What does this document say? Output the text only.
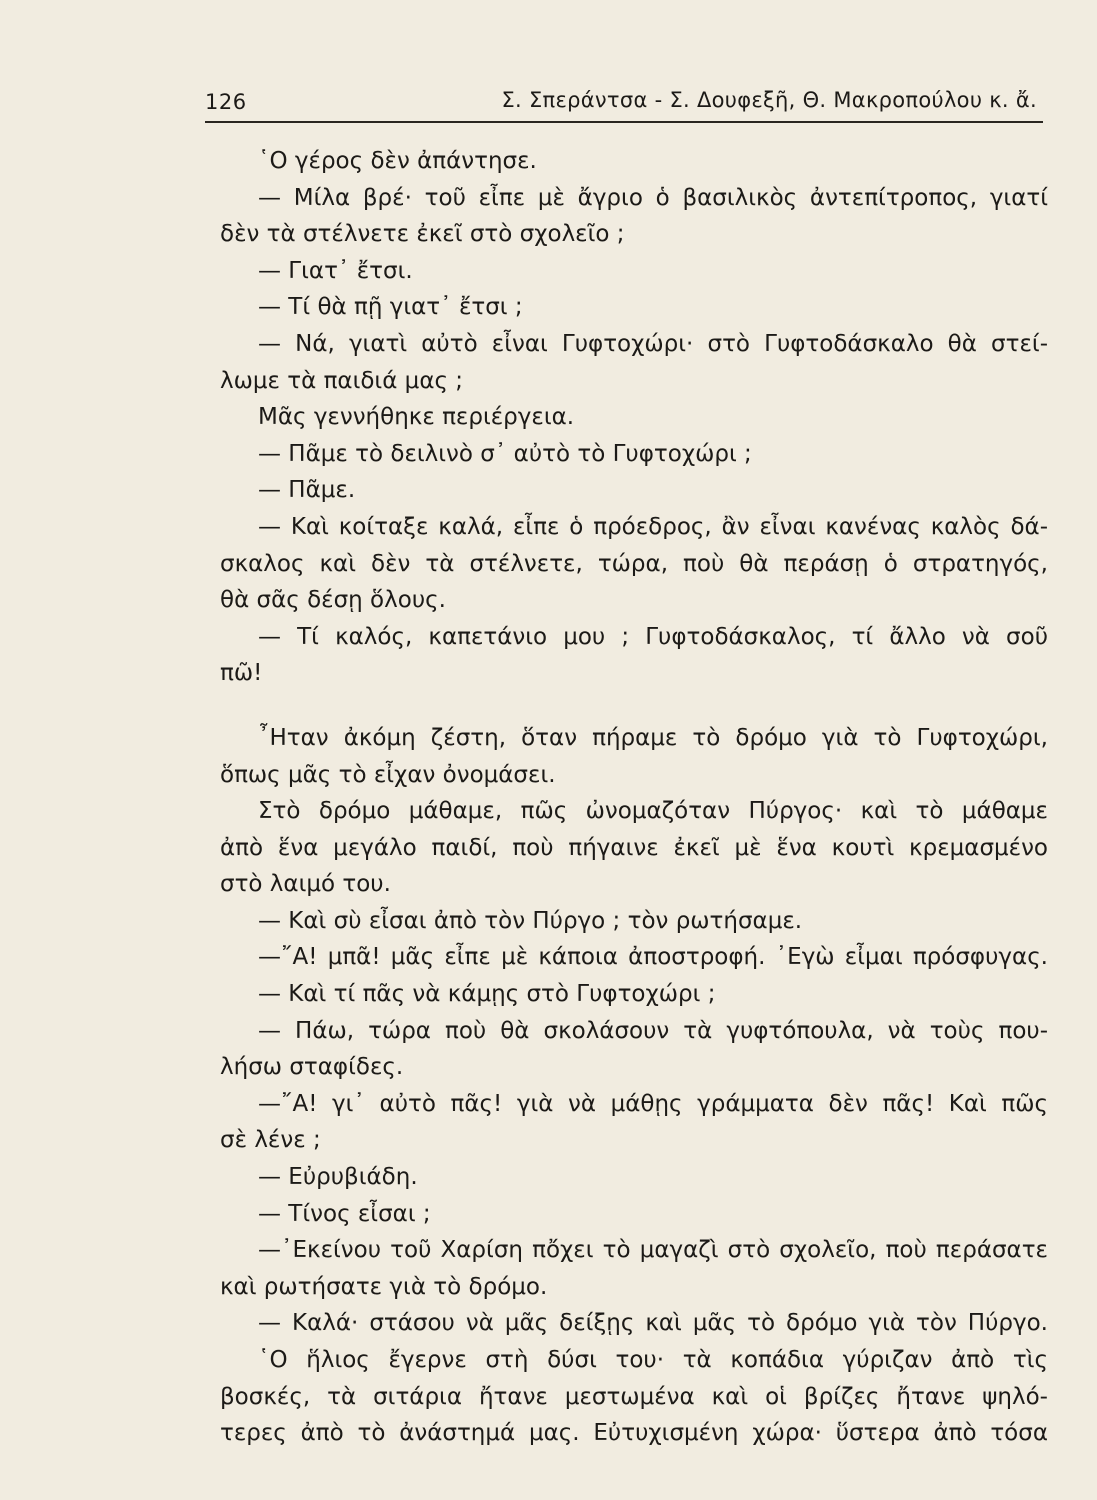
126	Σ. Σπεράντσα - Σ. Δουφεξῆ, Θ. Μακροπούλου κ. ἄ.
῾Ο γέρος δὲν ἀπάντησε.
— Μίλα βρέ· τοῦ εἶπε μὲ ἄγριο ὁ βασιλικὸς ἀντεπίτροπος, γιατί
δὲν τὰ στέλνετε ἐκεῖ στὸ σχολεῖο ;
— Γιατ᾽ ἔτσι.
— Τί θὰ πῇ γιατ᾽ ἔτσι ;
— Νά, γιατὶ αὐτὸ εἶναι Γυφτοχώρι· στὸ Γυφτοδάσκαλο θὰ στεί-
λωμε τὰ παιδιά μας ;
Μᾶς γεννήθηκε περιέργεια.
— Πᾶμε τὸ δειλινὸ σ᾽ αὐτὸ τὸ Γυφτοχώρι ;
— Πᾶμε.
— Καὶ κοίταξε καλά, εἶπε ὁ πρόεδρος, ἂν εἶναι κανένας καλὸς δά-
σκαλος καὶ δὲν τὰ στέλνετε, τώρα, ποὺ θὰ περάσῃ ὁ στρατηγός,
θὰ σᾶς δέσῃ ὅλους.
— Τί καλός, καπετάνιο μου ; Γυφτοδάσκαλος, τί ἄλλο νὰ σοῦ
πῶ!
῏Ηταν ἀκόμη ζέστη, ὅταν πήραμε τὸ δρόμο γιὰ τὸ Γυφτοχώρι,
ὅπως μᾶς τὸ εἶχαν ὀνομάσει.
Στὸ δρόμο μάθαμε, πῶς ὠνομαζόταν Πύργος· καὶ τὸ μάθαμε
ἀπὸ ἕνα μεγάλο παιδί, ποὺ πήγαινε ἐκεῖ μὲ ἕνα κουτὶ κρεμασμένο
στὸ λαιμό του.
— Καὶ σὺ εἶσαι ἀπὸ τὸν Πύργο ; τὸν ρωτήσαμε.
—῎Α! μπᾶ! μᾶς εἶπε μὲ κάποια ἀποστροφή. ᾽Εγὼ εἶμαι πρόσφυγας.
— Καὶ τί πᾶς νὰ κάμῃς στὸ Γυφτοχώρι ;
— Πάω, τώρα ποὺ θὰ σκολάσουν τὰ γυφτόπουλα, νὰ τοὺς που-
λήσω σταφίδες.
—῎Α! γι᾽ αὐτὸ πᾶς! γιὰ νὰ μάθῃς γράμματα δὲν πᾶς! Καὶ πῶς
σὲ λένε ;
— Εὐρυβιάδη.
— Τίνος εἶσαι ;
—᾽Εκείνου τοῦ Χαρίση πὄχει τὸ μαγαζὶ στὸ σχολεῖο, ποὺ περάσατε
καὶ ρωτήσατε γιὰ τὸ δρόμο.
— Καλά· στάσου νὰ μᾶς δείξῃς καὶ μᾶς τὸ δρόμο γιὰ τὸν Πύργο.
῾Ο ἥλιος ἔγερνε στὴ δύσι του· τὰ κοπάδια γύριζαν ἀπὸ τὶς
βοσκές, τὰ σιτάρια ἤτανε μεστωμένα καὶ οἱ βρίζες ἤτανε ψηλό-
τερες ἀπὸ τὸ ἀνάστημά μας. Εὐτυχισμένη χώρα· ὕστερα ἀπὸ τόσα
